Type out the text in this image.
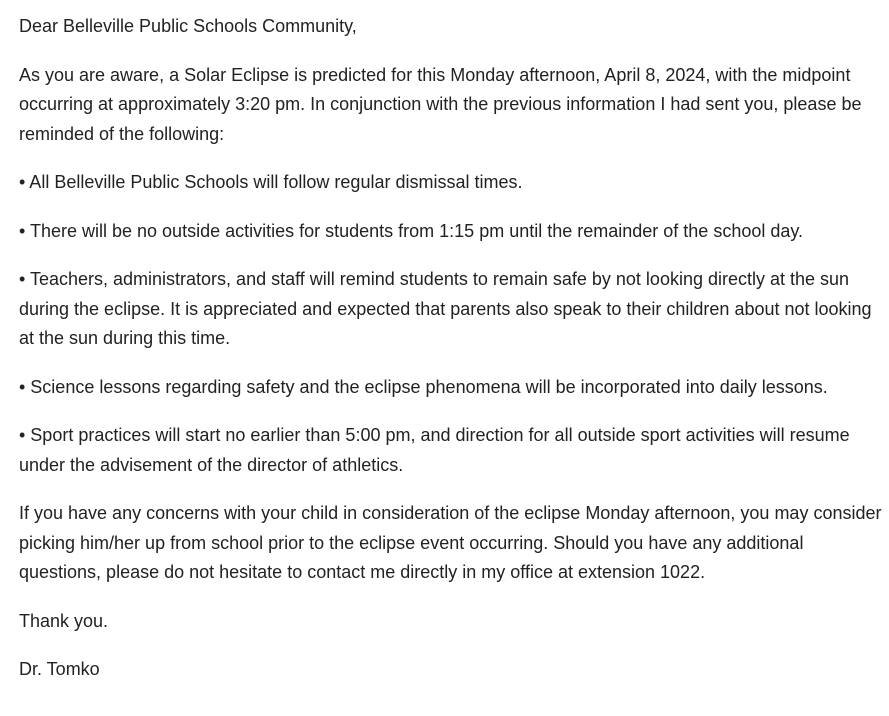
Dear Belleville Public Schools Community,

As you are aware, a Solar Eclipse is predicted for this Monday afternoon, April 8, 2024, with the midpoint occurring at approximately 3:20 pm. In conjunction with the previous information I had sent you, please be reminded of the following:

• All Belleville Public Schools will follow regular dismissal times.

• There will be no outside activities for students from 1:15 pm until the remainder of the school day.

• Teachers, administrators, and staff will remind students to remain safe by not looking directly at the sun during the eclipse. It is appreciated and expected that parents also speak to their children about not looking at the sun during this time.

• Science lessons regarding safety and the eclipse phenomena will be incorporated into daily lessons.

• Sport practices will start no earlier than 5:00 pm, and direction for all outside sport activities will resume under the advisement of the director of athletics.

If you have any concerns with your child in consideration of the eclipse Monday afternoon, you may consider picking him/her up from school prior to the eclipse event occurring. Should you have any additional questions, please do not hesitate to contact me directly in my office at extension 1022.

Thank you.

Dr. Tomko
